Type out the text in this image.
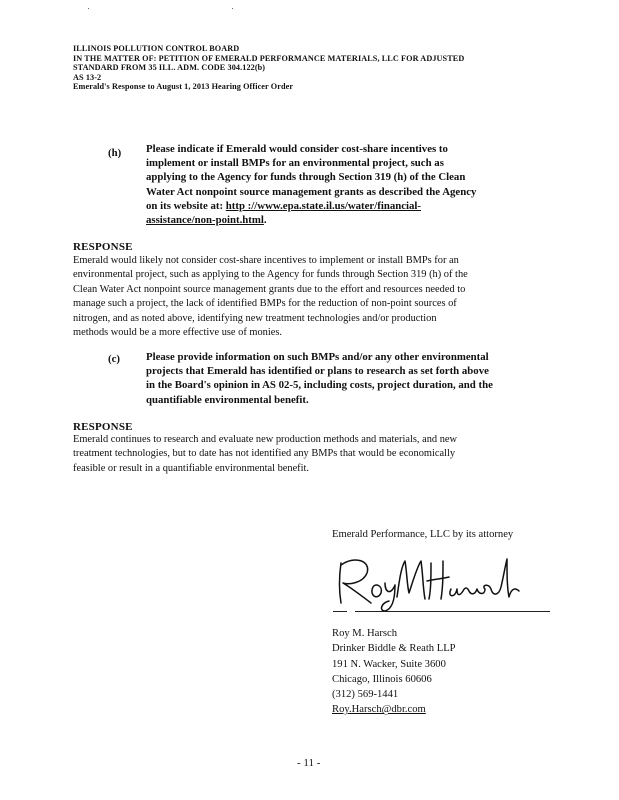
ILLINOIS POLLUTION CONTROL BOARD
IN THE MATTER OF: PETITION OF EMERALD PERFORMANCE MATERIALS, LLC FOR ADJUSTED
STANDARD FROM 35 ILL. ADM. CODE 304.122(b)
AS 13-2
Emerald's Response to August 1, 2013 Hearing Officer Order
(h) Please indicate if Emerald would consider cost-share incentives to
implement or install BMPs for an environmental project, such as
applying to the Agency for funds through Section 319 (h) of the Clean
Water Act nonpoint source management grants as described the Agency
on its website at: http ://www.epa.state.il.us/water/financial-
assistance/non-point.html.
RESPONSE
Emerald would likely not consider cost-share incentives to implement or install BMPs for an
environmental project, such as applying to the Agency for funds through Section 319 (h) of the
Clean Water Act nonpoint source management grants due to the effort and resources needed to
manage such a project, the lack of identified BMPs for the reduction of non-point sources of
nitrogen, and as noted above, identifying new treatment technologies and/or production
methods would be a more effective use of monies.
(c) Please provide information on such BMPs and/or any other environmental
projects that Emerald has identified or plans to research as set forth above
in the Board's opinion in AS 02-5, including costs, project duration, and the
quantifiable environmental benefit.
RESPONSE
Emerald continues to research and evaluate new production methods and materials, and new
treatment technologies, but to date has not identified any BMPs that would be economically
feasible or result in a quantifiable environmental benefit.
Emerald Performance, LLC by its attorney
Roy M. Harsch
Drinker Biddle & Reath LLP
191 N. Wacker, Suite 3600
Chicago, Illinois 60606
(312) 569-1441
Roy.Harsch@dbr.com
- 11 -
